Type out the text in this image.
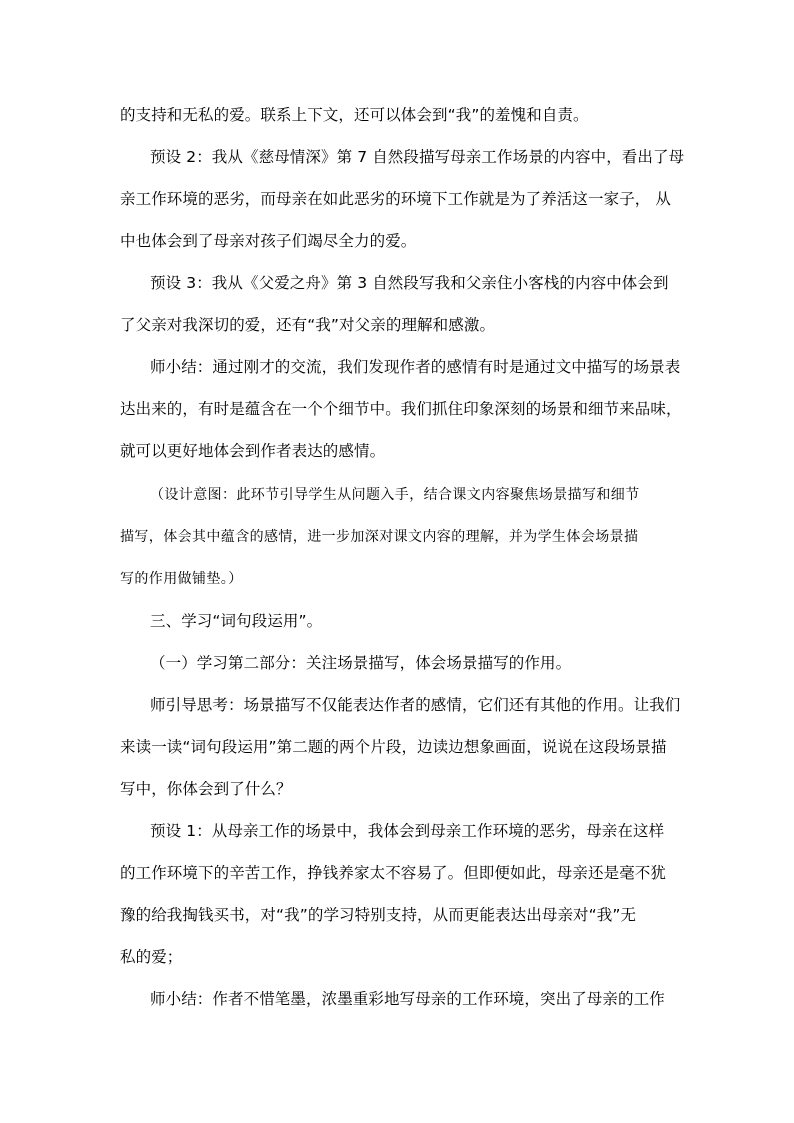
的支持和无私的爱。联系上下文，还可以体会到“我”的羞愧和自责。
预设 2：我从《慈母情深》第 7 自然段描写母亲工作场景的内容中，看出了母
亲工作环境的恶劣，而母亲在如此恶劣的环境下工作就是为了养活这一家子， 从
中也体会到了母亲对孩子们竭尽全力的爱。
预设 3：我从《父爱之舟》第 3 自然段写我和父亲住小客栈的内容中体会到
了父亲对我深切的爱，还有“我”对父亲的理解和感激。
师小结：通过刚才的交流，我们发现作者的感情有时是通过文中描写的场景表
达出来的，有时是蕴含在一个个细节中。我们抓住印象深刻的场景和细节来品味，
就可以更好地体会到作者表达的感情。
（设计意图：此环节引导学生从问题入手，结合课文内容聚焦场景描写和细节
描写，体会其中蕴含的感情，进一步加深对课文内容的理解，并为学生体会场景描
写的作用做铺垫。）
三、学习“词句段运用”。
（一）学习第二部分：关注场景描写，体会场景描写的作用。
师引导思考：场景描写不仅能表达作者的感情，它们还有其他的作用。让我们
来读一读“词句段运用”第二题的两个片段，边读边想象画面，说说在这段场景描
写中，你体会到了什么？
预设 1：从母亲工作的场景中，我体会到母亲工作环境的恶劣，母亲在这样
的工作环境下的辛苦工作，挣钱养家太不容易了。但即便如此，母亲还是毫不犹
豫的给我掏钱买书，对“我”的学习特别支持，从而更能表达出母亲对“我”无
私的爱；
师小结：作者不惜笔墨，浓墨重彩地写母亲的工作环境，突出了母亲的工作
